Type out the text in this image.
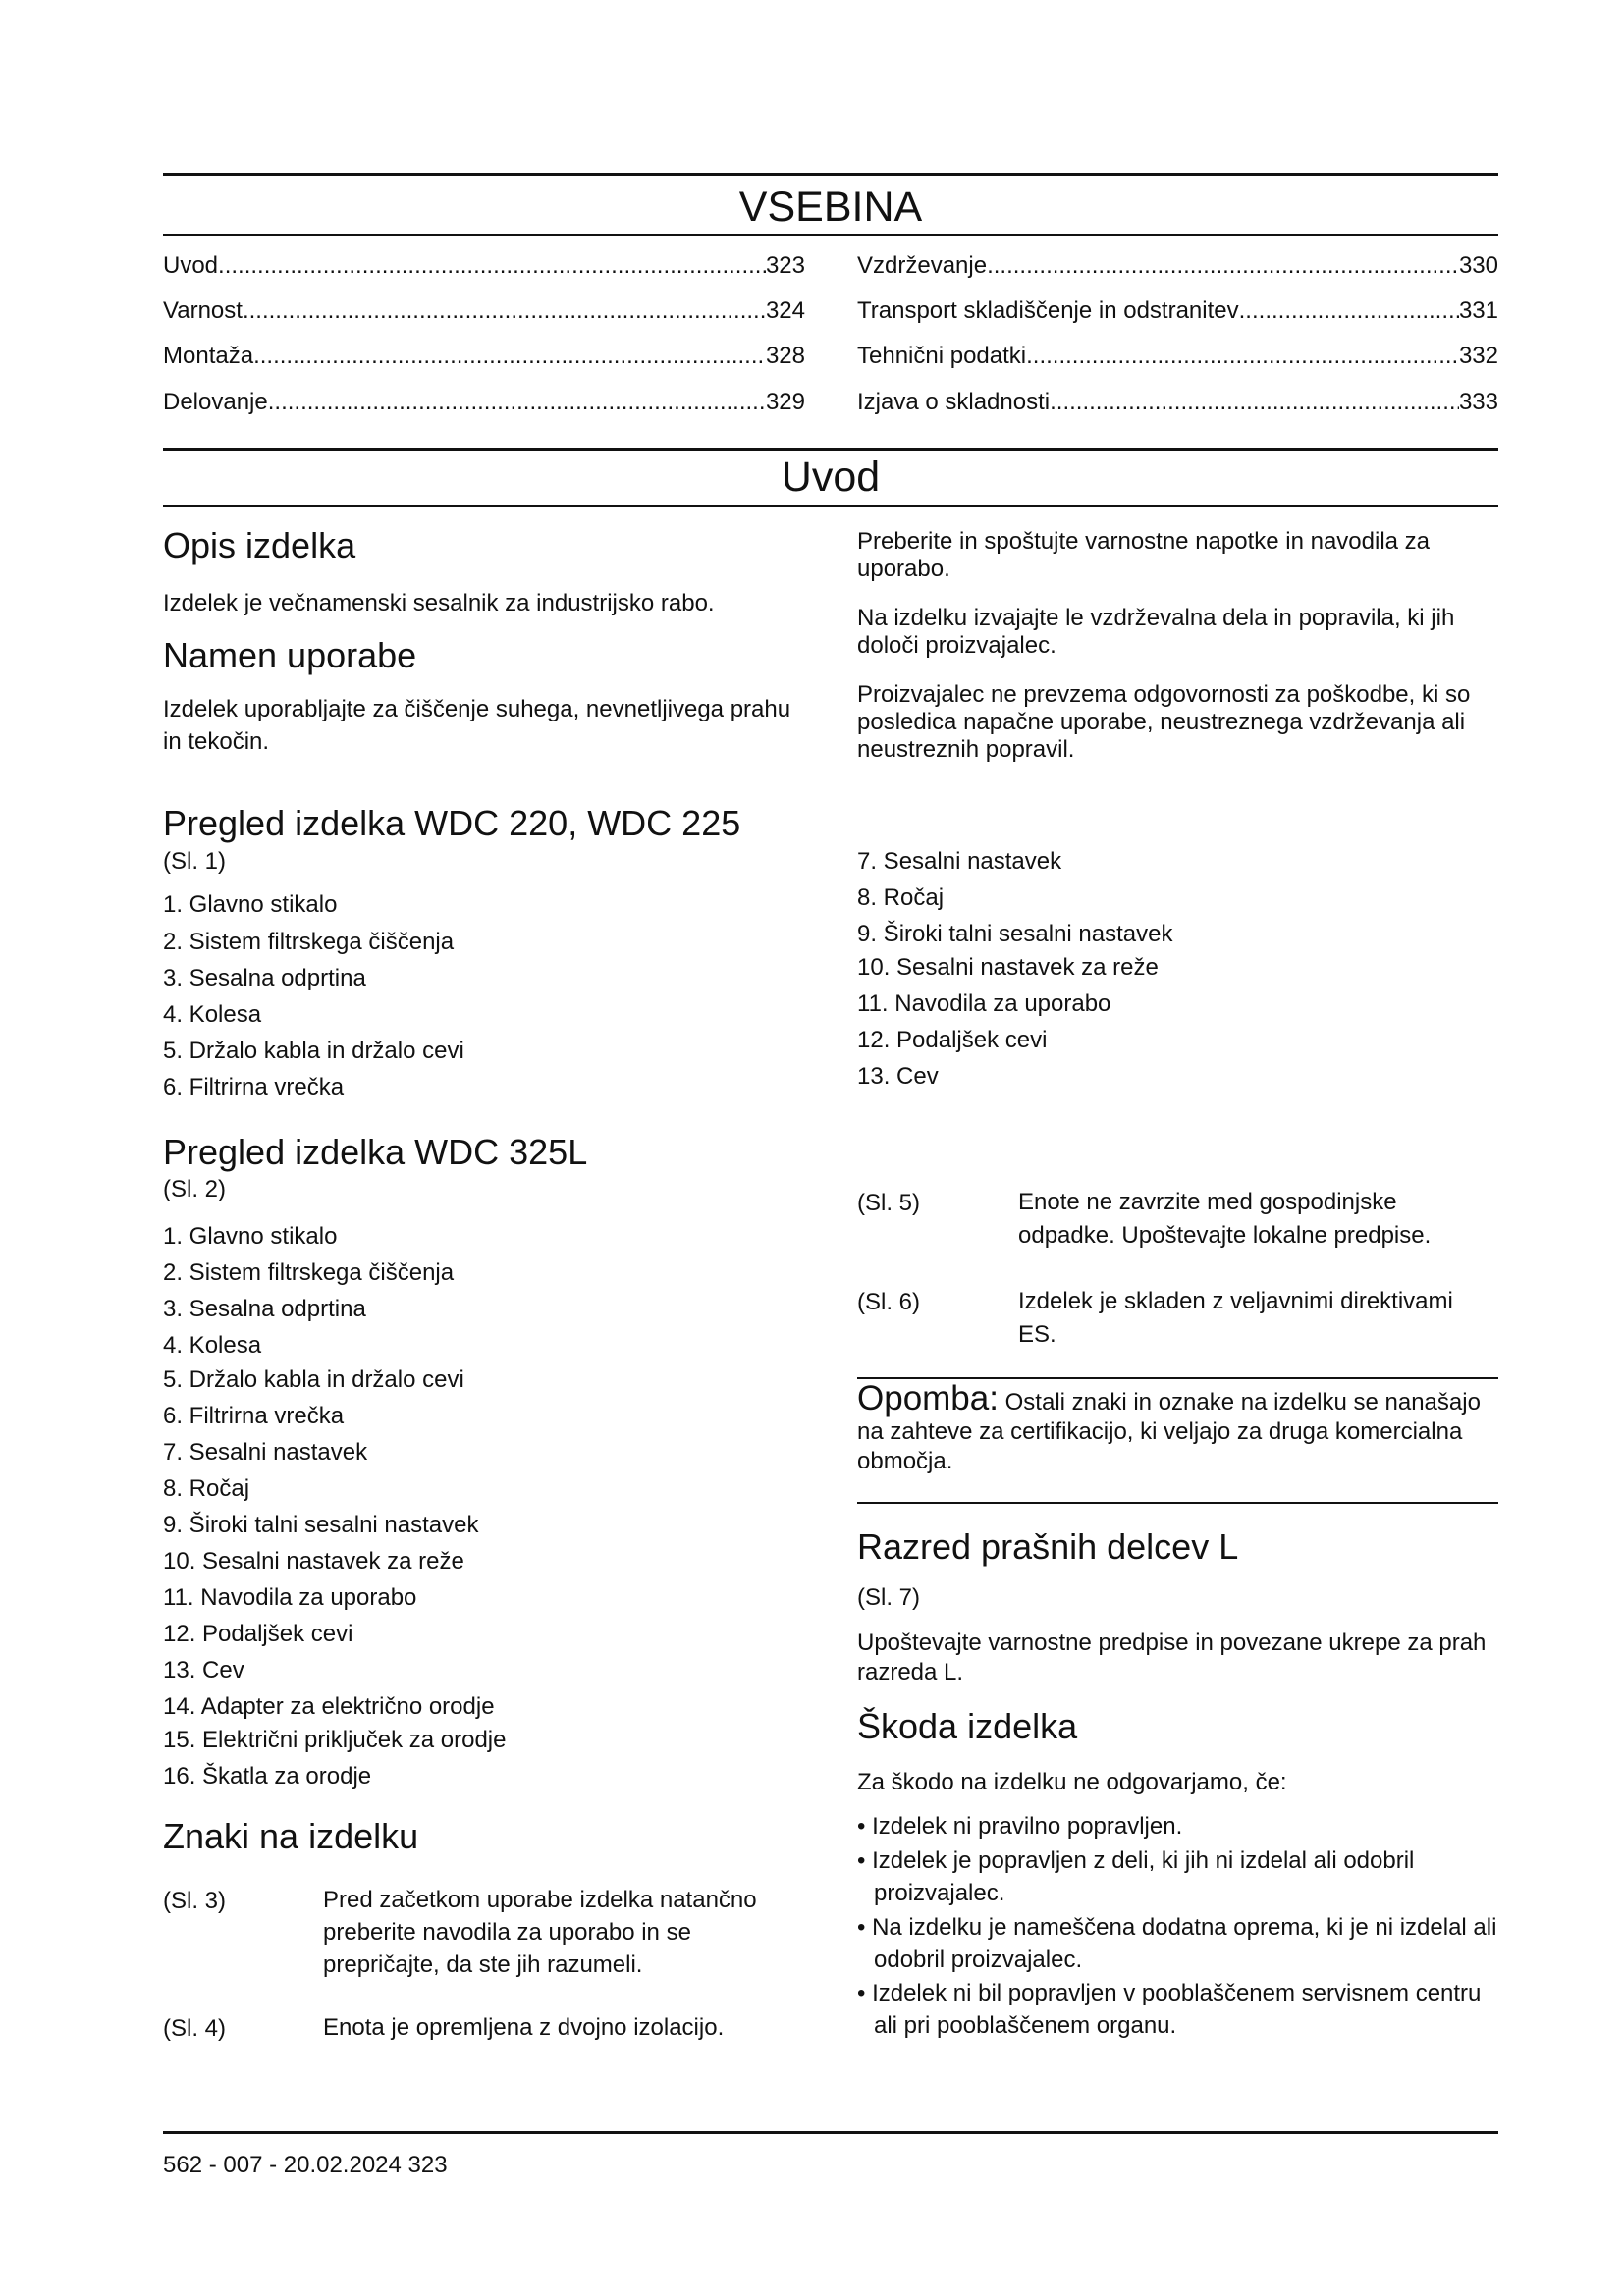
VSEBINA
Uvod .....	323
Varnost .....	324
Montaža .....	328
Delovanje .....	329
Vzdrževanje .....	330
Transport skladiščenje in odstranitev .....	331
Tehnični podatki .....	332
Izjava o skladnosti .....	333
Uvod
Opis izdelka
Izdelek je večnamenski sesalnik za industrijsko rabo.
Namen uporabe
Izdelek uporabljajte za čiščenje suhega, nevnetljivega prahu in tekočin.
Preberite in spoštujte varnostne napotke in navodila za uporabo.
Na izdelku izvajajte le vzdrževalna dela in popravila, ki jih določi proizvajalec.
Proizvajalec ne prevzema odgovornosti za poškodbe, ki so posledica napačne uporabe, neustreznega vzdrževanja ali neustreznih popravil.
Pregled izdelka WDC 220, WDC 225
(Sl. 1)
1. Glavno stikalo
2. Sistem filtrskega čiščenja
3. Sesalna odprtina
4. Kolesa
5. Držalo kabla in držalo cevi
6. Filtrirna vrečka
7. Sesalni nastavek
8. Ročaj
9. Široki talni sesalni nastavek
10. Sesalni nastavek za reže
11. Navodila za uporabo
12. Podaljšek cevi
13. Cev
Pregled izdelka WDC 325L
(Sl. 2)
1. Glavno stikalo
2. Sistem filtrskega čiščenja
3. Sesalna odprtina
4. Kolesa
5. Držalo kabla in držalo cevi
6. Filtrirna vrečka
7. Sesalni nastavek
8. Ročaj
9. Široki talni sesalni nastavek
10. Sesalni nastavek za reže
11. Navodila za uporabo
12. Podaljšek cevi
13. Cev
14. Adapter za električno orodje
15. Električni priključek za orodje
16. Škatla za orodje
Znaki na izdelku
(Sl. 3)	Pred začetkom uporabe izdelka natančno preberite navodila za uporabo in se prepričajte, da ste jih razumeli.
(Sl. 4)	Enota je opremljena z dvojno izolacijo.
(Sl. 5)	Enote ne zavrzite med gospodinjske odpadke. Upoštevajte lokalne predpise.
(Sl. 6)	Izdelek je skladen z veljavnimi direktivami ES.
Opomba: Ostali znaki in oznake na izdelku se nanašajo na zahteve za certifikacijo, ki veljajo za druga komercialna območja.
Razred prašnih delcev L
(Sl. 7)
Upoštevajte varnostne predpise in povezane ukrepe za prah razreda L.
Škoda izdelka
Za škodo na izdelku ne odgovarjamo, če:
• Izdelek ni pravilno popravljen.
• Izdelek je popravljen z deli, ki jih ni izdelal ali odobril proizvajalec.
• Na izdelku je nameščena dodatna oprema, ki je ni izdelal ali odobril proizvajalec.
• Izdelek ni bil popravljen v pooblaščenem servisnem centru ali pri pooblaščenem organu.
562 - 007 - 20.02.2024 323
